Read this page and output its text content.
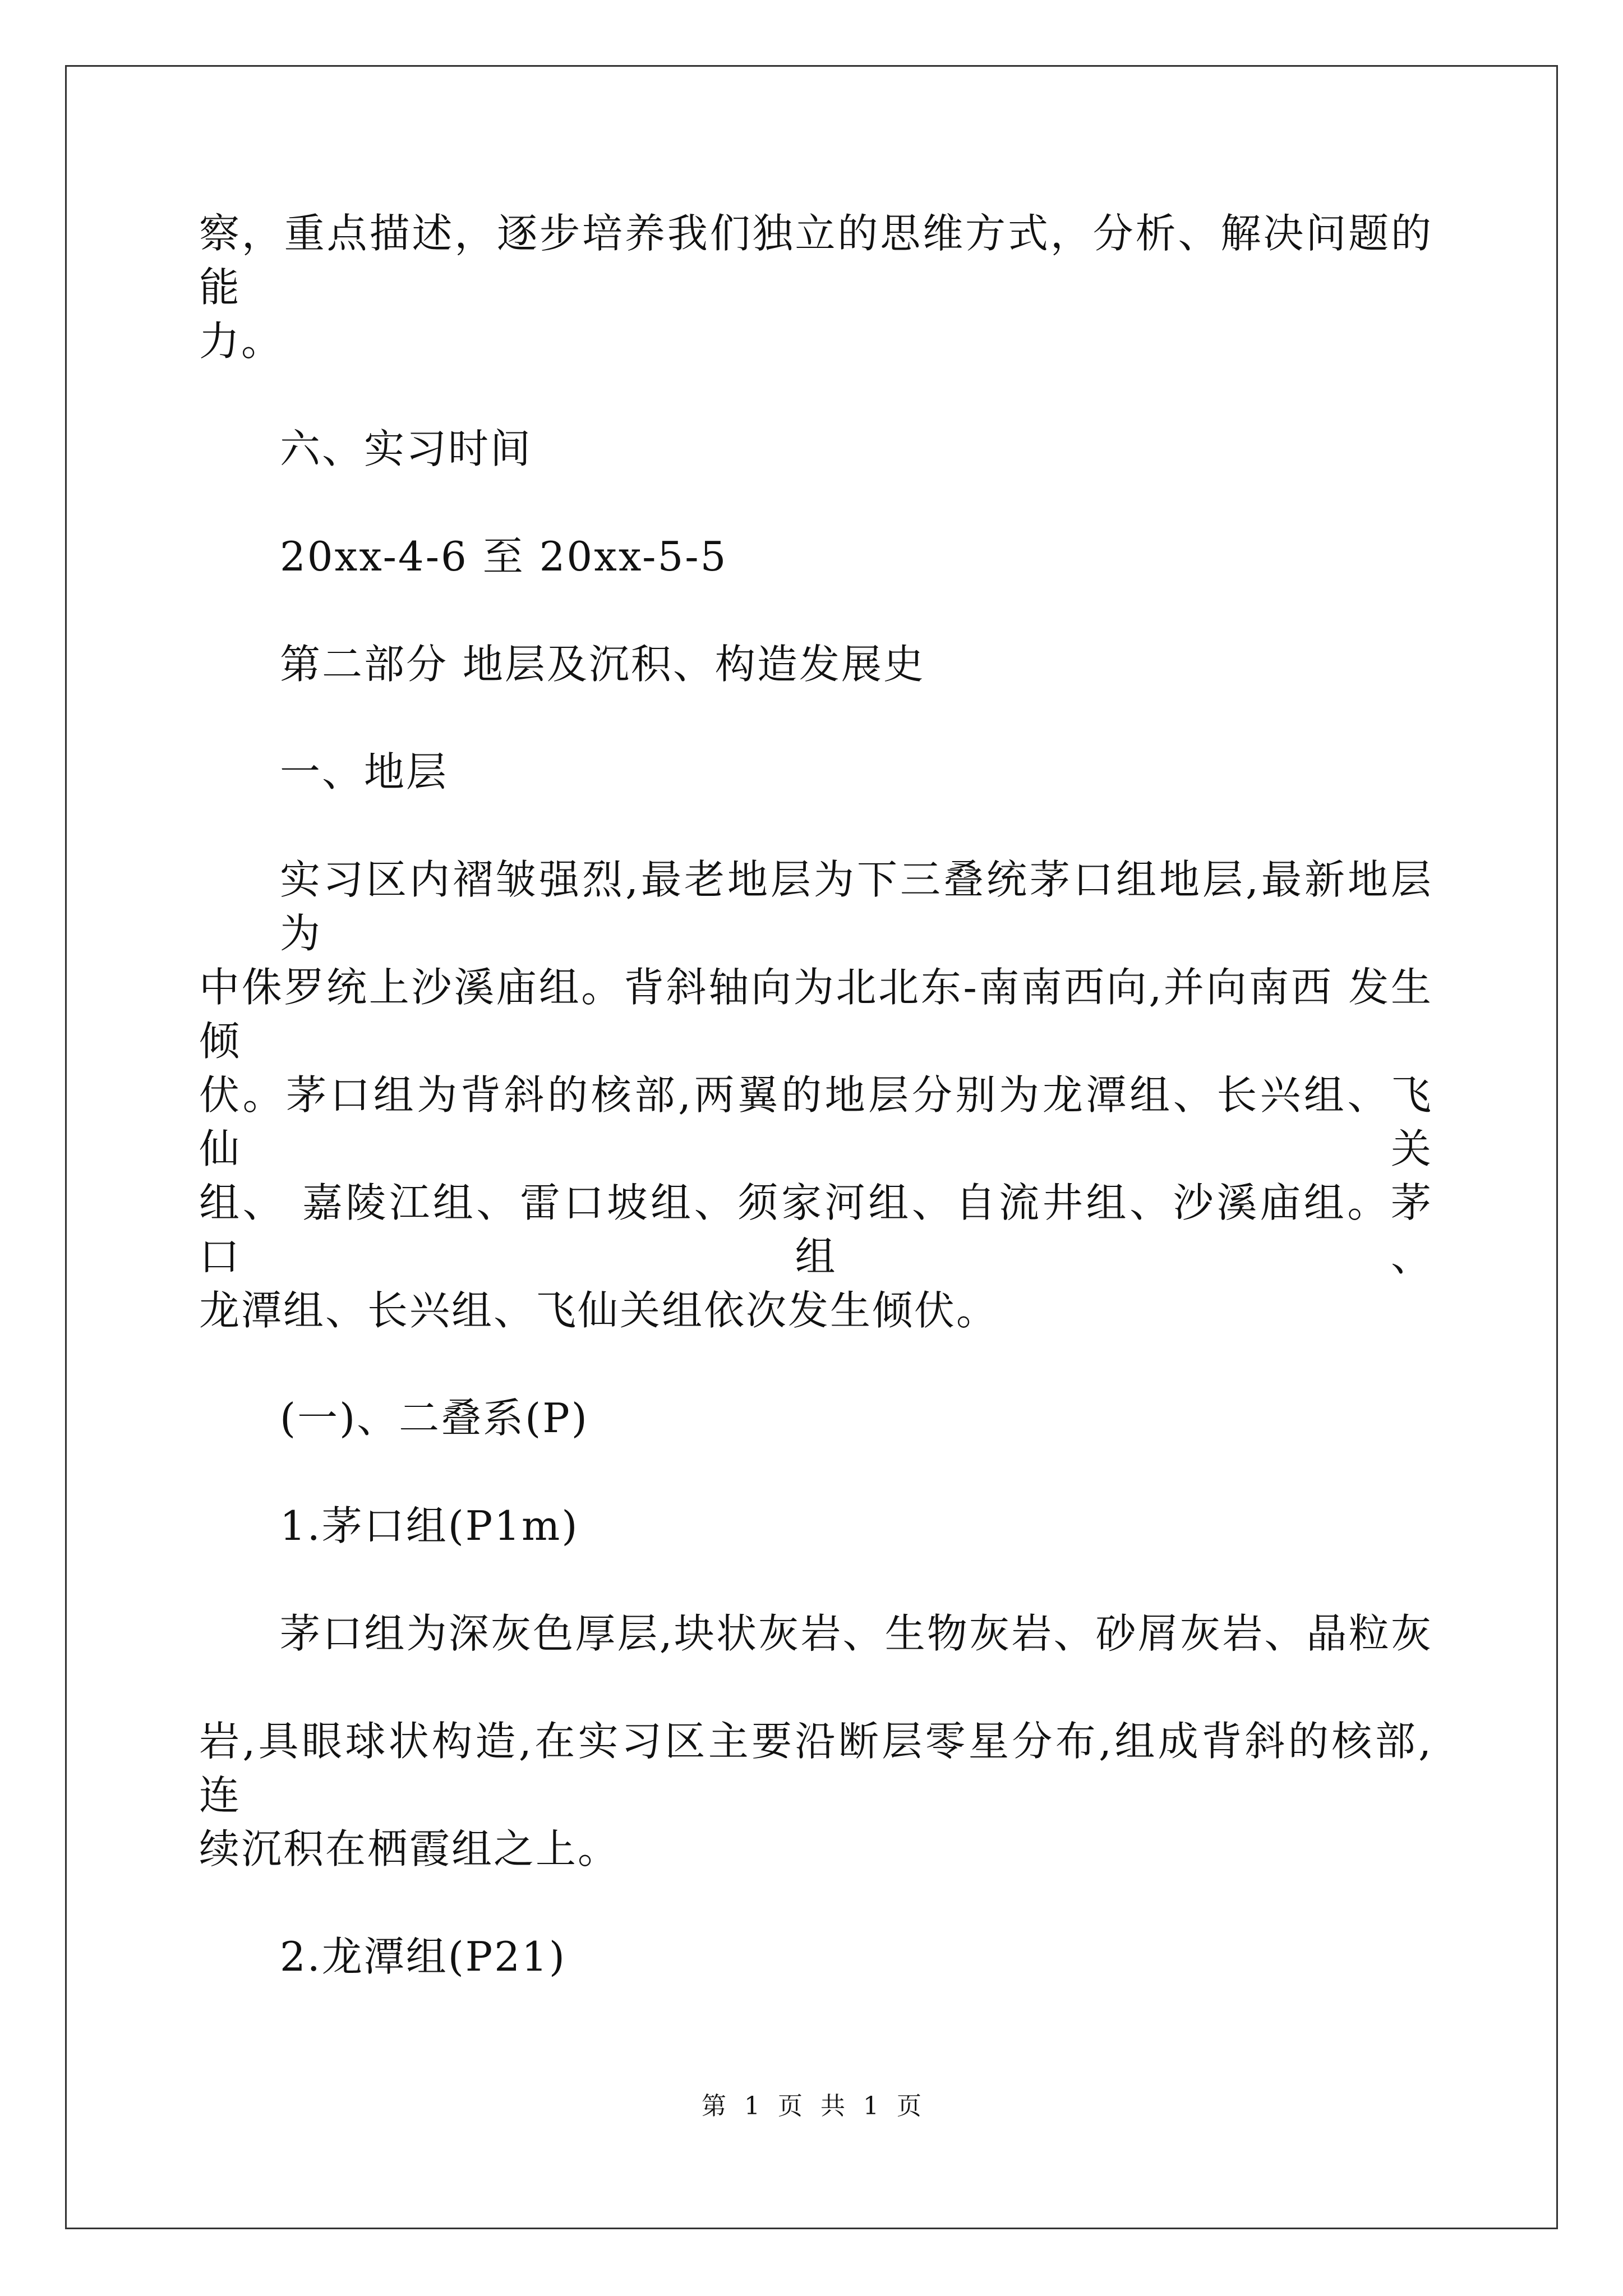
察，重点描述，逐步培养我们独立的思维方式，分析、解决问题的能
力。
六、实习时间
20xx-4-6 至 20xx-5-5
第二部分 地层及沉积、构造发展史
一、地层
实习区内褶皱强烈,最老地层为下三叠统茅口组地层,最新地层为
中侏罗统上沙溪庙组。背斜轴向为北北东-南南西向,并向南西 发生倾
伏。茅口组为背斜的核部,两翼的地层分别为龙潭组、长兴组、飞仙关
组、 嘉陵江组、雷口坡组、须家河组、自流井组、沙溪庙组。茅口组、
龙潭组、长兴组、飞仙关组依次发生倾伏。
(一)、二叠系(P)
1.茅口组(P1m)
茅口组为深灰色厚层,块状灰岩、生物灰岩、砂屑灰岩、晶粒灰
岩,具眼球状构造,在实习区主要沿断层零星分布,组成背斜的核部,连
续沉积在栖霞组之上。
2.龙潭组(P21)
第 1 页 共 1 页
